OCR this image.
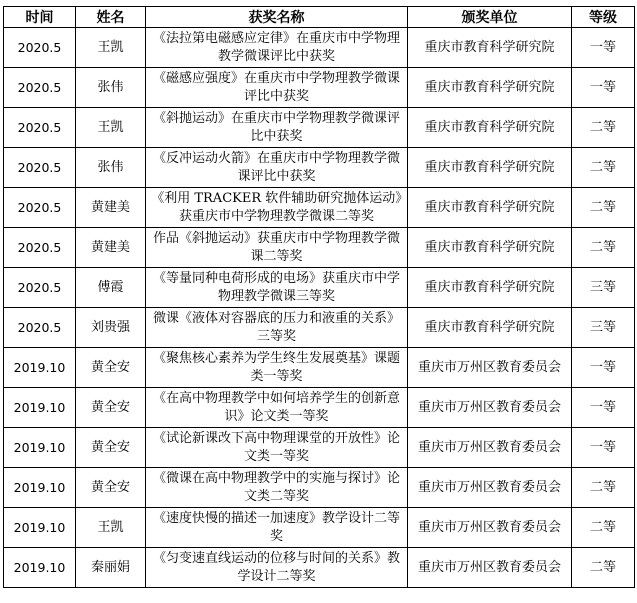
时间	姓名	获奖名称	颁奖单位	等级
2020.5	王凯	《法拉第电磁感应定律》在重庆市中学物理教学微课评比中获奖	重庆市教育科学研究院	一等
2020.5	张伟	《磁感应强度》在重庆市中学物理教学微课评比中获奖	重庆市教育科学研究院	一等
2020.5	王凯	《斜抛运动》在重庆市中学物理教学微课评比中获奖	重庆市教育科学研究院	二等
2020.5	张伟	《反冲运动火箭》在重庆市中学物理教学微课评比中获奖	重庆市教育科学研究院	二等
2020.5	黄建美	《利用 TRACKER 软件辅助研究抛体运动》获重庆市中学物理教学微课二等奖	重庆市教育科学研究院	二等
2020.5	黄建美	作品《斜抛运动》获重庆市中学物理教学微课二等奖	重庆市教育科学研究院	二等
2020.5	傅霞	《等量同种电荷形成的电场》获重庆市中学物理教学微课三等奖	重庆市教育科学研究院	三等
2020.5	刘贵强	微课《液体对容器底的压力和液重的关系》三等奖	重庆市教育科学研究院	三等
2019.10	黄全安	《聚焦核心素养为学生终生发展奠基》课题类一等奖	重庆市万州区教育委员会	一等
2019.10	黄全安	《在高中物理教学中如何培养学生的创新意识》论文类一等奖	重庆市万州区教育委员会	一等
2019.10	黄全安	《试论新课改下高中物理课堂的开放性》论文类一等奖	重庆市万州区教育委员会	一等
2019.10	黄全安	《微课在高中物理教学中的实施与探讨》论文类二等奖	重庆市万州区教育委员会	二等
2019.10	王凯	《速度快慢的描述一加速度》教学设计二等奖	重庆市万州区教育委员会	二等
2019.10	秦丽娟	《匀变速直线运动的位移与时间的关系》教学设计二等奖	重庆市万州区教育委员会	二等
